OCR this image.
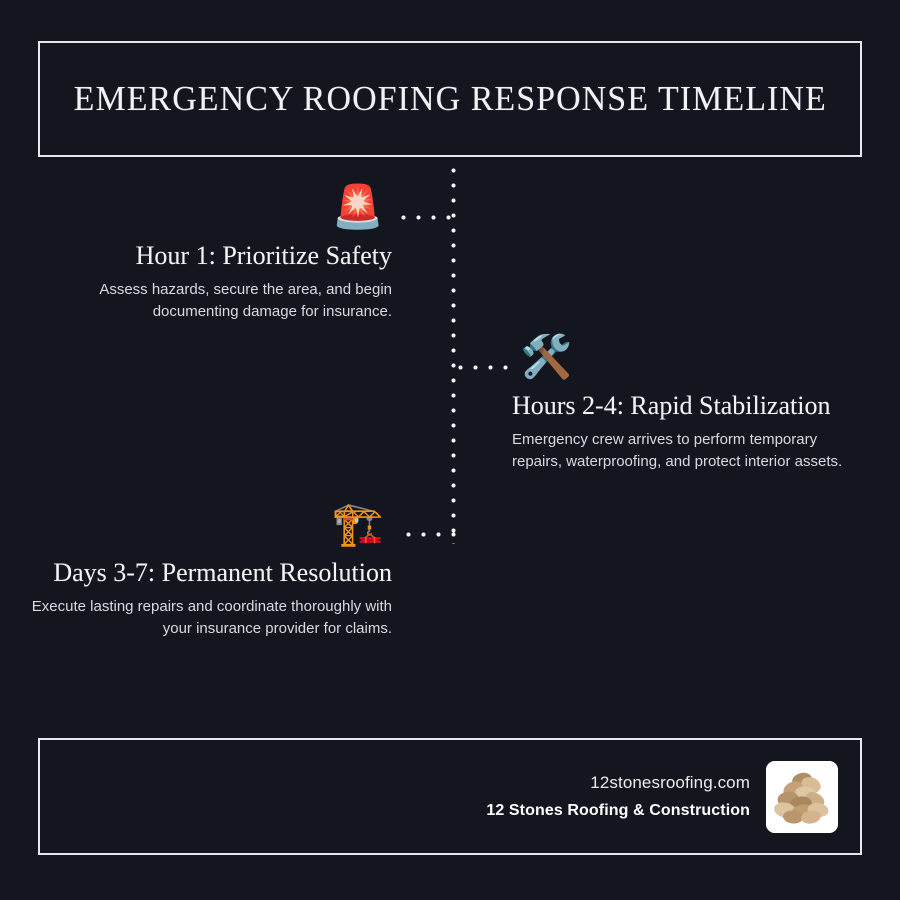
EMERGENCY ROOFING RESPONSE TIMELINE
🚨

Hour 1: Prioritize Safety

Assess hazards, secure the area, and begin documenting damage for insurance.

🛠️

Hours 2-4: Rapid Stabilization

Emergency crew arrives to perform temporary repairs, waterproofing, and protect interior assets.

🏗️

Days 3-7: Permanent Resolution

Execute lasting repairs and coordinate thoroughly with your insurance provider for claims.

12stonesroofing.com
12 Stones Roofing & Construction
